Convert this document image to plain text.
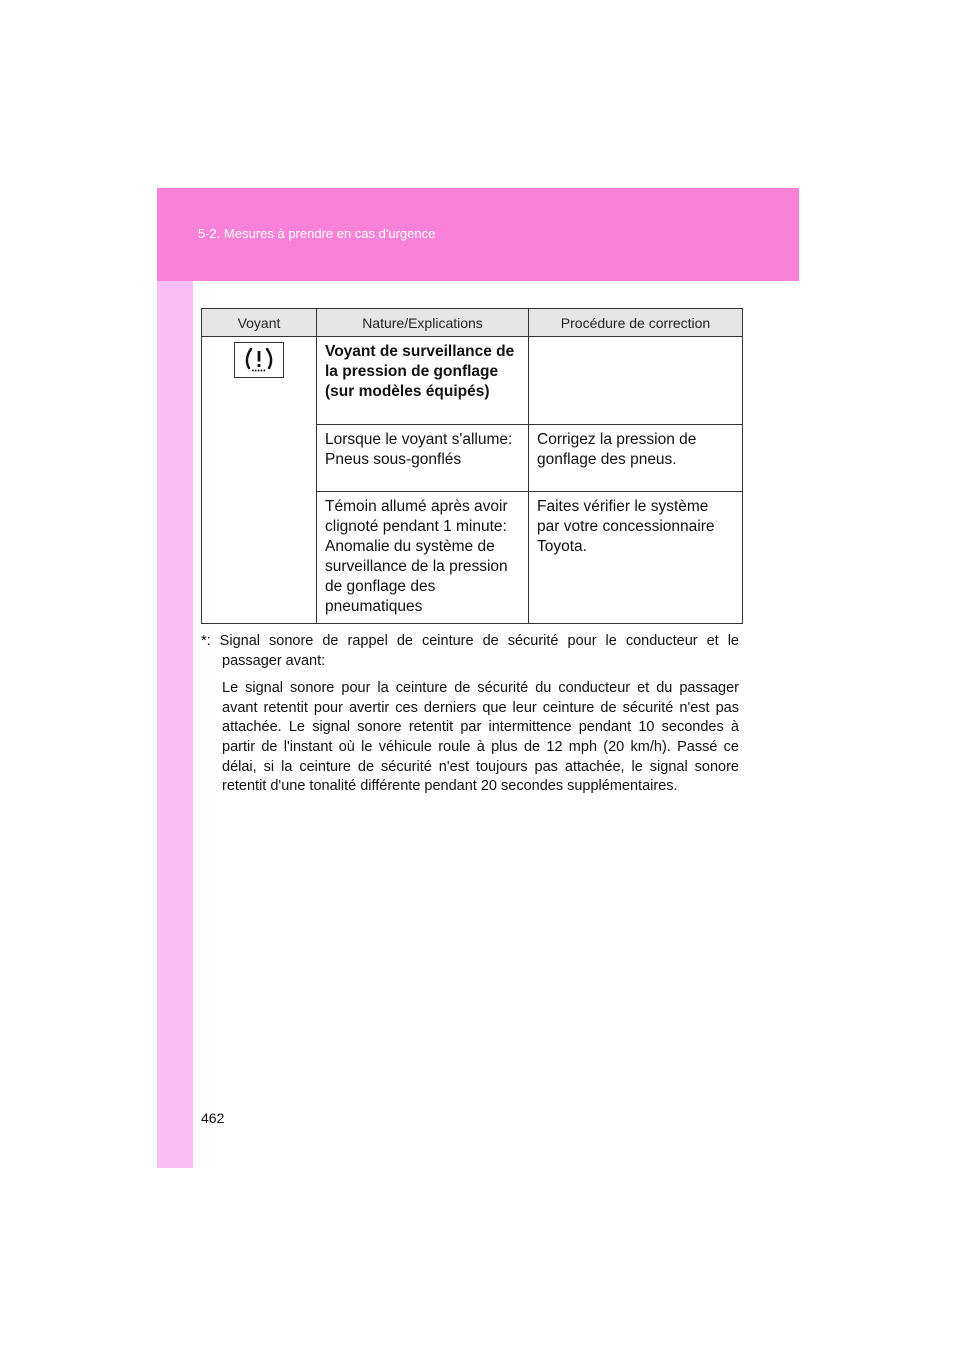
5-2. Mesures à prendre en cas d'urgence
Voyant	Nature/Explications	Procédure de correction

	Voyant de surveillance de la pression de gonflage (sur modèles équipés)	
	Lorsque le voyant s'allume: Pneus sous-gonflés	Corrigez la pression de gonflage des pneus.
	Témoin allumé après avoir clignoté pendant 1 minute: Anomalie du système de surveillance de la pression de gonflage des pneumatiques	Faites vérifier le système par votre concessionnaire Toyota.
*: Signal sonore de rappel de ceinture de sécurité pour le conducteur et le
passager avant:
Le signal sonore pour la ceinture de sécurité du conducteur et du passager avant retentit pour avertir ces derniers que leur ceinture de sécurité n'est pas attachée. Le signal sonore retentit par intermittence pendant 10 secondes à partir de l'instant où le véhicule roule à plus de 12 mph (20 km/h). Passé ce délai, si la ceinture de sécurité n'est toujours pas attachée, le signal sonore retentit d'une tonalité différente pendant 20 secondes supplémentaires.
462
